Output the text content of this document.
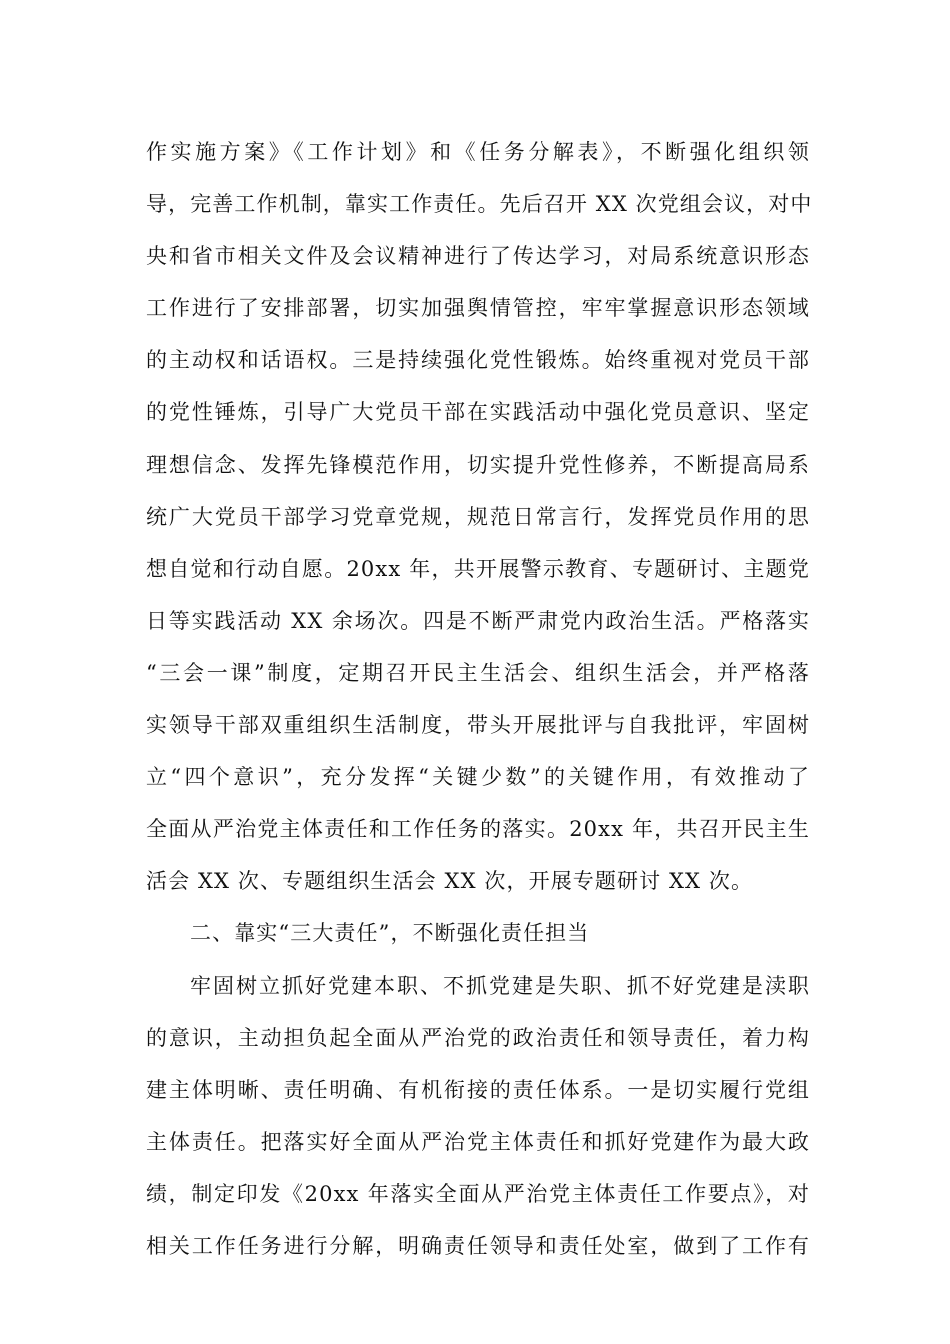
作实施方案》《工作计划》和《任务分解表》，不断强化组织领
导，完善工作机制，靠实工作责任。先后召开 XX 次党组会议，对中
央和省市相关文件及会议精神进行了传达学习，对局系统意识形态
工作进行了安排部署，切实加强舆情管控，牢牢掌握意识形态领域
的主动权和话语权。三是持续强化党性锻炼。始终重视对党员干部
的党性锤炼，引导广大党员干部在实践活动中强化党员意识、坚定
理想信念、发挥先锋模范作用，切实提升党性修养，不断提高局系
统广大党员干部学习党章党规，规范日常言行，发挥党员作用的思
想自觉和行动自愿。20xx 年，共开展警示教育、专题研讨、主题党
日等实践活动 XX 余场次。四是不断严肃党内政治生活。严格落实
“三会一课”制度，定期召开民主生活会、组织生活会，并严格落
实领导干部双重组织生活制度，带头开展批评与自我批评，牢固树
立“四个意识”，充分发挥“关键少数”的关键作用，有效推动了
全面从严治党主体责任和工作任务的落实。20xx 年，共召开民主生
活会 XX 次、专题组织生活会 XX 次，开展专题研讨 XX 次。
二、靠实“三大责任”，不断强化责任担当
牢固树立抓好党建本职、不抓党建是失职、抓不好党建是渎职
的意识，主动担负起全面从严治党的政治责任和领导责任，着力构
建主体明晰、责任明确、有机衔接的责任体系。一是切实履行党组
主体责任。把落实好全面从严治党主体责任和抓好党建作为最大政
绩，制定印发《20xx 年落实全面从严治党主体责任工作要点》，对
相关工作任务进行分解，明确责任领导和责任处室，做到了工作有
